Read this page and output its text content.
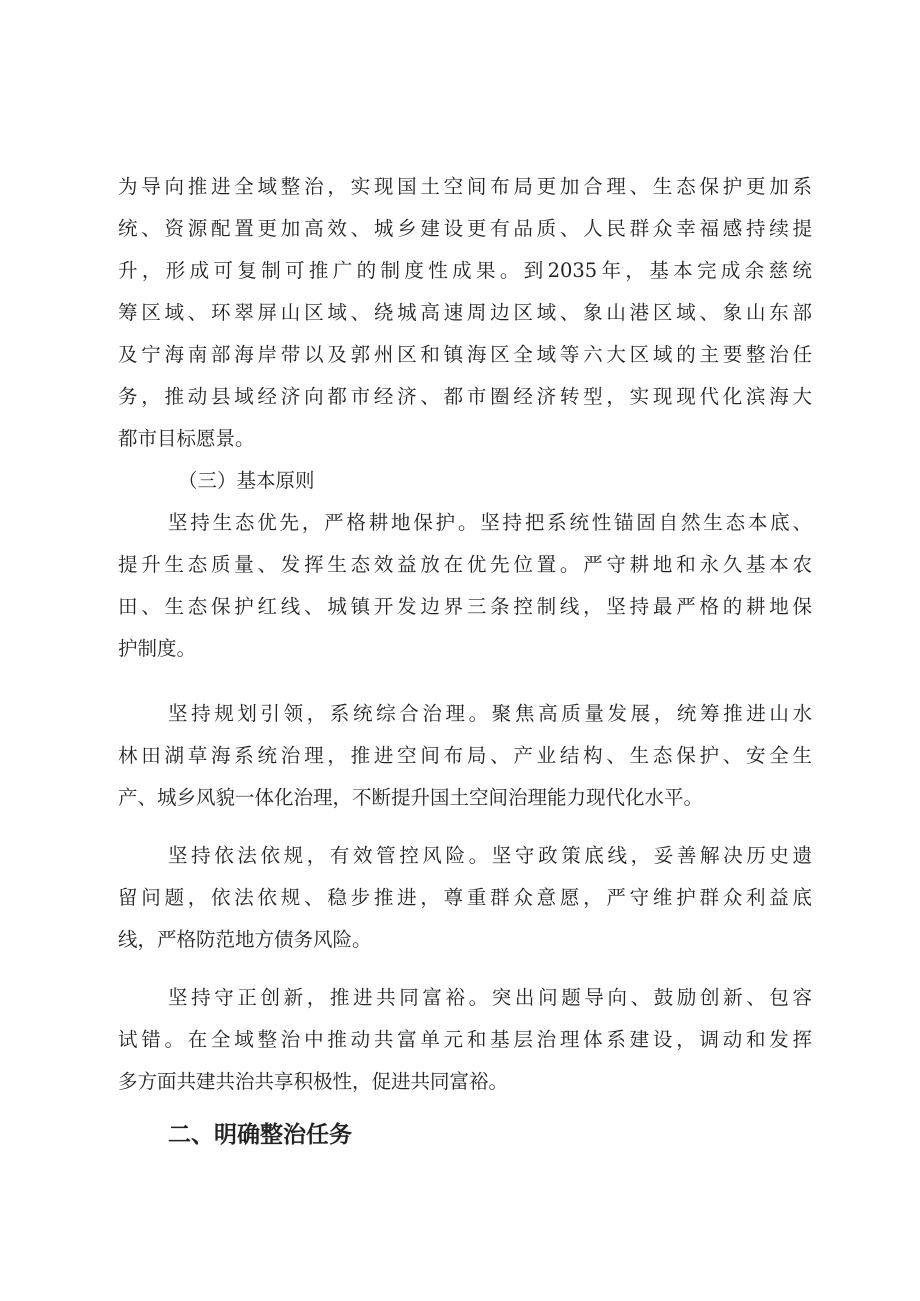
为导向推进全域整治，实现国土空间布局更加合理、生态保护更加系
统、资源配置更加高效、城乡建设更有品质、人民群众幸福感持续提
升，形成可复制可推广的制度性成果。到2035年，基本完成余慈统
筹区域、环翠屏山区域、绕城高速周边区域、象山港区域、象山东部
及宁海南部海岸带以及郭州区和镇海区全域等六大区域的主要整治任
务，推动县域经济向都市经济、都市圈经济转型，实现现代化滨海大
都市目标愿景。
（三）基本原则
坚持生态优先，严格耕地保护。坚持把系统性锚固自然生态本底、
提升生态质量、发挥生态效益放在优先位置。严守耕地和永久基本农
田、生态保护红线、城镇开发边界三条控制线，坚持最严格的耕地保
护制度。
坚持规划引领，系统综合治理。聚焦高质量发展，统筹推进山水
林田湖草海系统治理，推进空间布局、产业结构、生态保护、安全生
产、城乡风貌一体化治理，不断提升国土空间治理能力现代化水平。
坚持依法依规，有效管控风险。坚守政策底线，妥善解决历史遗
留问题，依法依规、稳步推进，尊重群众意愿，严守维护群众利益底
线，严格防范地方债务风险。
坚持守正创新，推进共同富裕。突出问题导向、鼓励创新、包容
试错。在全域整治中推动共富单元和基层治理体系建设，调动和发挥
多方面共建共治共享积极性，促进共同富裕。
二、明确整治任务
